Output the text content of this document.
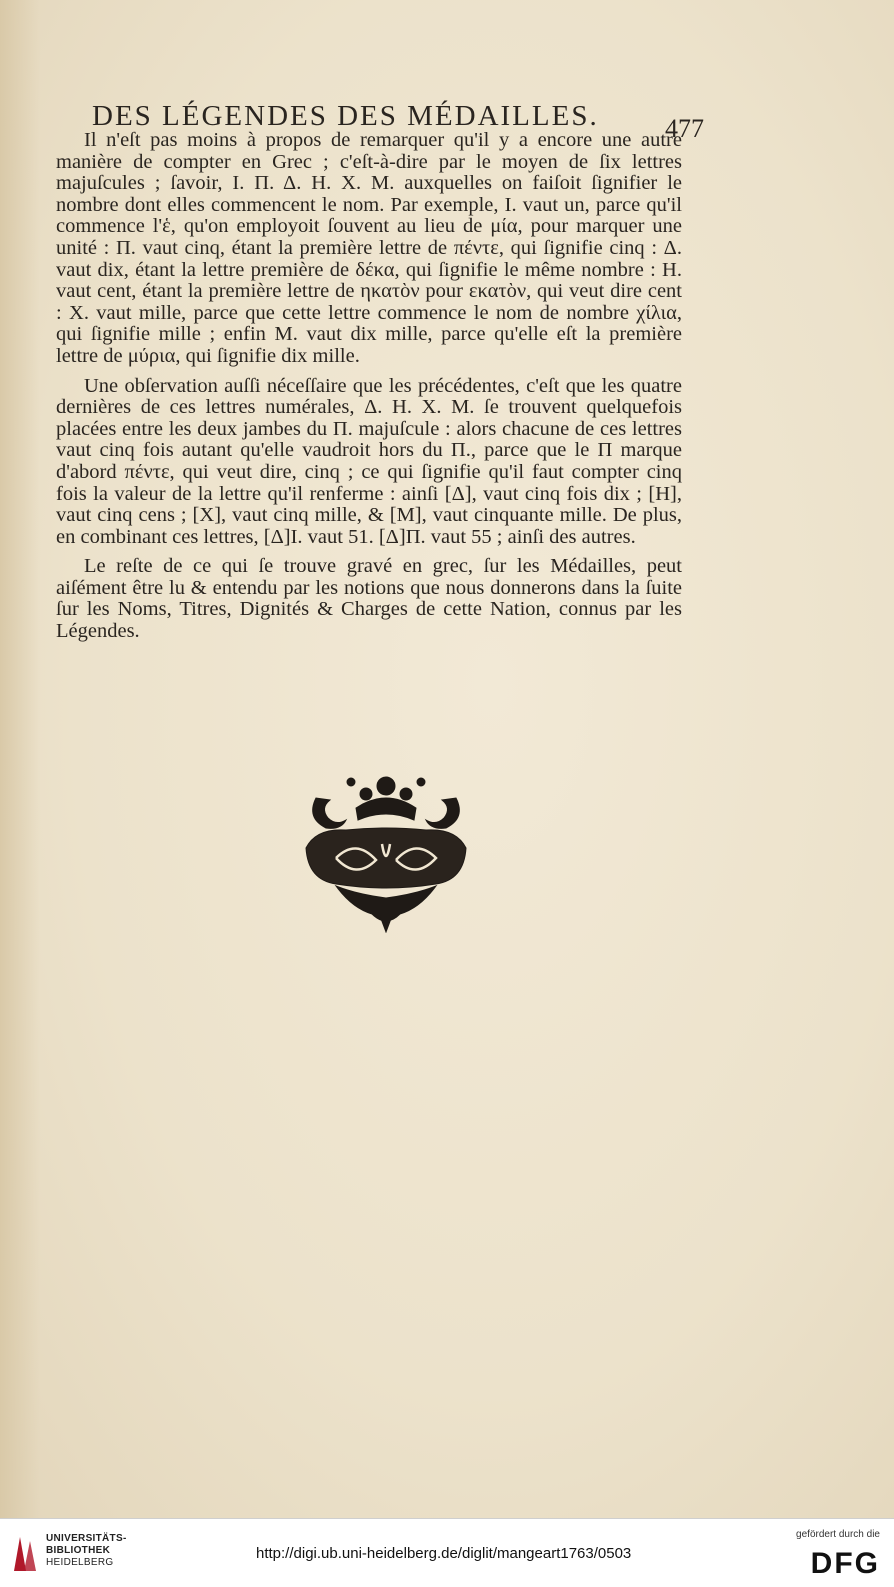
DES LÉGENDES DES MÉDAILLES.	477

Il n'eſt pas moins à propos de remarquer qu'il y a encore une autre manière de compter en Grec ; c'eſt-à-dire par le moyen de ſix lettres majuſcules ; ſavoir, I. Π. Δ. H. X. M. auxquelles on faiſoit ſignifier le nombre dont elles commencent le nom. Par exemple, I. vaut un, parce qu'il commence l'ἑ, qu'on employoit ſouvent au lieu de μία, pour marquer une unité : Π. vaut cinq, étant la première lettre de πέντε, qui ſignifie cinq : Δ. vaut dix, étant la lettre première de δέκα, qui ſignifie le même nombre : H. vaut cent, étant la première lettre de ηκατὸν pour εκατὸν, qui veut dire cent : X. vaut mille, parce que cette lettre commence le nom de nombre χίλια, qui ſignifie mille ; enfin M. vaut dix mille, parce qu'elle eſt la première lettre de μύρια, qui ſignifie dix mille.

Une obſervation auſſi néceſſaire que les précédentes, c'eſt que les quatre dernières de ces lettres numérales, Δ. H. X. M. ſe trouvent quelquefois placées entre les deux jambes du Π. majuſcule : alors chacune de ces lettres vaut cinq fois autant qu'elle vaudroit hors du Π., parce que le Π marque d'abord πέντε, qui veut dire, cinq ; ce qui ſignifie qu'il faut compter cinq fois la valeur de la lettre qu'il renferme : ainſi [Δ], vaut cinq fois dix ; [H], vaut cinq cens ; [X], vaut cinq mille, & [M], vaut cinquante mille. De plus, en combinant ces lettres, [Δ]I. vaut 51. [Δ]Π. vaut 55 ; ainſi des autres.

Le reſte de ce qui ſe trouve gravé en grec, ſur les Médailles, peut aiſément être lu & entendu par les notions que nous donnerons dans la ſuite ſur les Noms, Titres, Dignités & Charges de cette Nation, connus par les Légendes.

UNIVERSITÄTS-
BIBLIOTHEK
HEIDELBERG
http://digi.ub.uni-heidelberg.de/diglit/mangeart1763/0503
gefördert durch die
DFG
